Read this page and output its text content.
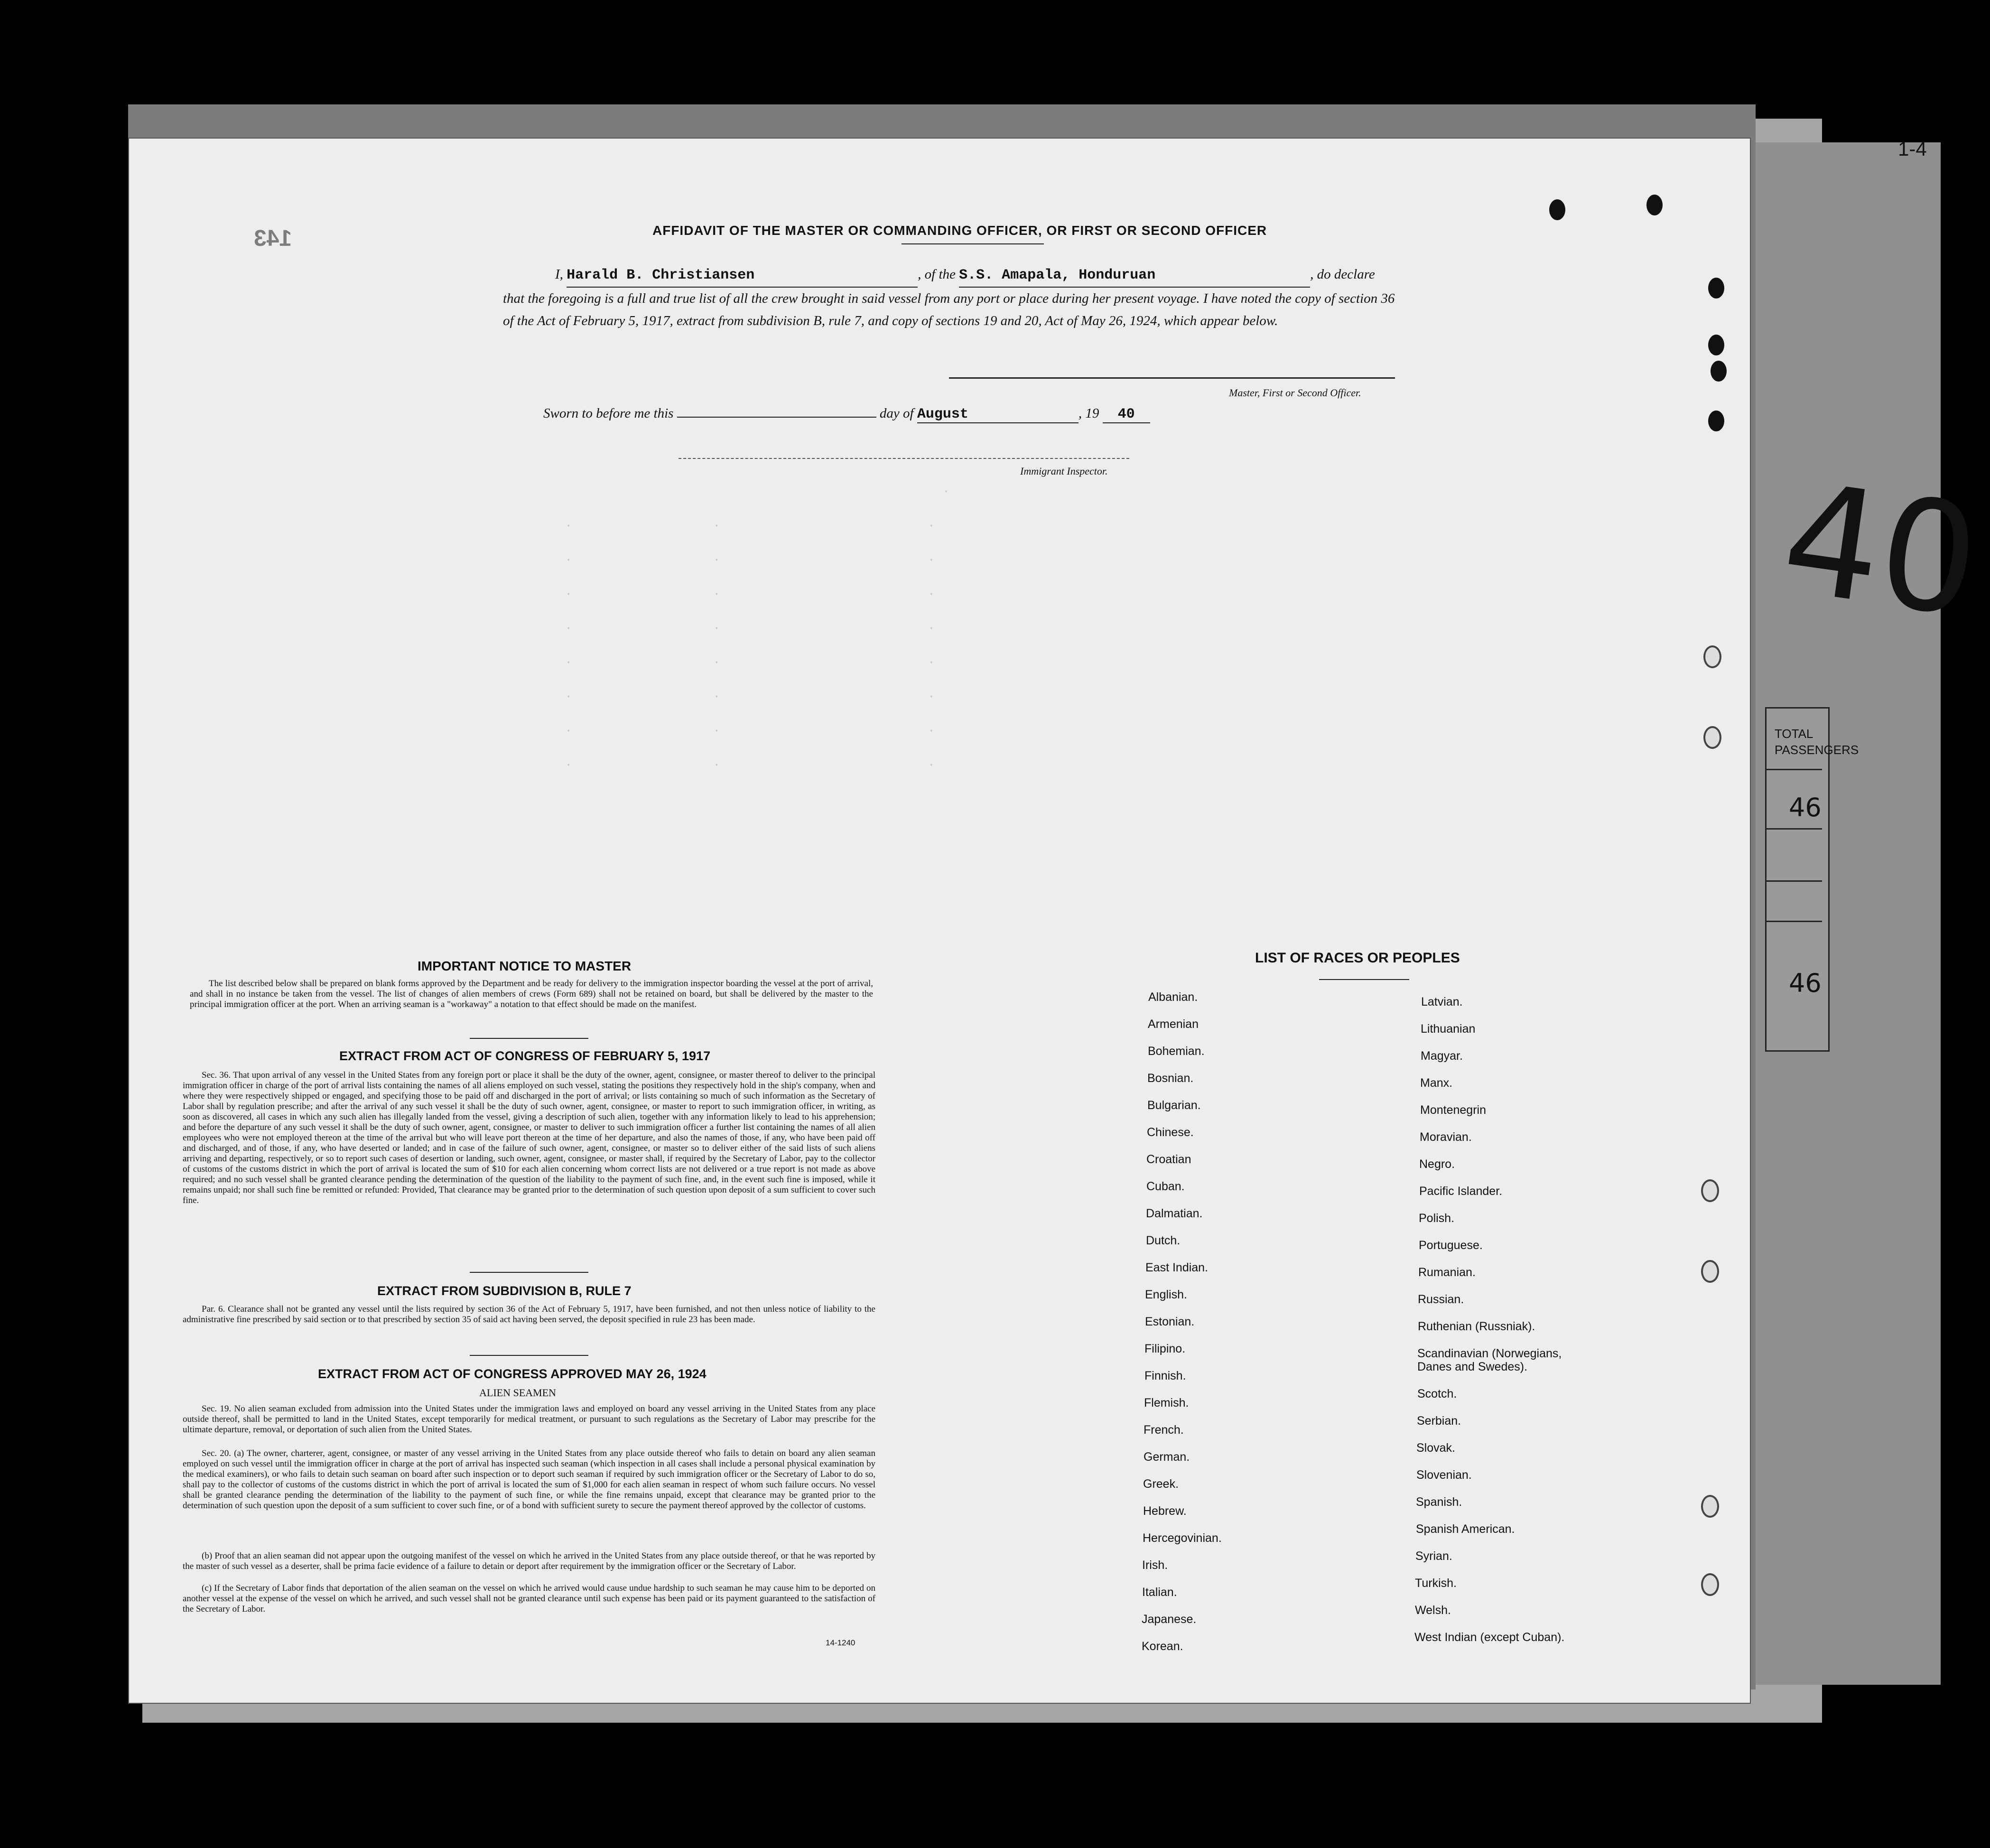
1-4
143
40
TOTAL
PASSENGERS
46
46
·
·                   ·                            ·
·                   ·                            ·
·                   ·                            ·
·                   ·                            ·
·                   ·                            ·
·                   ·                            ·
·                   ·                            ·
·                   ·                            ·
AFFIDAVIT OF THE MASTER OR COMMANDING OFFICER, OR FIRST OR SECOND OFFICER
I, Harald B. Christiansen	, of the S.S. Amapala, Honduruan	, do declare
that the foregoing is a full and true list of all the crew brought in said vessel from any port or place during her present voyage. I have noted the copy of section 36 of the Act of February 5, 1917, extract from subdivision B, rule 7, and copy of sections 19 and 20, Act of May 26, 1924, which appear below.
Master, First or Second Officer.
Sworn to before me this	day of August	, 19 40
Immigrant Inspector.
IMPORTANT NOTICE TO MASTER
The list described below shall be prepared on blank forms approved by the Department and be ready for delivery to the immigration inspector boarding the vessel at the port of arrival, and shall in no instance be taken from the vessel. The list of changes of alien members of crews (Form 689) shall not be retained on board, but shall be delivered by the master to the principal immigration officer at the port. When an arriving seaman is a "workaway" a notation to that effect should be made on the manifest.
EXTRACT FROM ACT OF CONGRESS OF FEBRUARY 5, 1917
Sec. 36. That upon arrival of any vessel in the United States from any foreign port or place it shall be the duty of the owner, agent, consignee, or master thereof to deliver to the principal immigration officer in charge of the port of arrival lists containing the names of all aliens employed on such vessel, stating the positions they respectively hold in the ship's company, when and where they were respectively shipped or engaged, and specifying those to be paid off and discharged in the port of arrival; or lists containing so much of such information as the Secretary of Labor shall by regulation prescribe; and after the arrival of any such vessel it shall be the duty of such owner, agent, consignee, or master to report to such immigration officer, in writing, as soon as discovered, all cases in which any such alien has illegally landed from the vessel, giving a description of such alien, together with any information likely to lead to his apprehension; and before the departure of any such vessel it shall be the duty of such owner, agent, consignee, or master to deliver to such immigration officer a further list containing the names of all alien employees who were not employed thereon at the time of the arrival but who will leave port thereon at the time of her departure, and also the names of those, if any, who have been paid off and discharged, and of those, if any, who have deserted or landed; and in case of the failure of such owner, agent, consignee, or master so to deliver either of the said lists of such aliens arriving and departing, respectively, or so to report such cases of desertion or landing, such owner, agent, consignee, or master shall, if required by the Secretary of Labor, pay to the collector of customs of the customs district in which the port of arrival is located the sum of $10 for each alien concerning whom correct lists are not delivered or a true report is not made as above required; and no such vessel shall be granted clearance pending the determination of the question of the liability to the payment of such fine, and, in the event such fine is imposed, while it remains unpaid; nor shall such fine be remitted or refunded: Provided, That clearance may be granted prior to the determination of such question upon deposit of a sum sufficient to cover such fine.
EXTRACT FROM SUBDIVISION B, RULE 7
Par. 6. Clearance shall not be granted any vessel until the lists required by section 36 of the Act of February 5, 1917, have been furnished, and not then unless notice of liability to the administrative fine prescribed by said section or to that prescribed by section 35 of said act having been served, the deposit specified in rule 23 has been made.
EXTRACT FROM ACT OF CONGRESS APPROVED MAY 26, 1924
ALIEN SEAMEN
Sec. 19. No alien seaman excluded from admission into the United States under the immigration laws and employed on board any vessel arriving in the United States from any place outside thereof, shall be permitted to land in the United States, except temporarily for medical treatment, or pursuant to such regulations as the Secretary of Labor may prescribe for the ultimate departure, removal, or deportation of such alien from the United States.
Sec. 20. (a) The owner, charterer, agent, consignee, or master of any vessel arriving in the United States from any place outside thereof who fails to detain on board any alien seaman employed on such vessel until the immigration officer in charge at the port of arrival has inspected such seaman (which inspection in all cases shall include a personal physical examination by the medical examiners), or who fails to detain such seaman on board after such inspection or to deport such seaman if required by such immigration officer or the Secretary of Labor to do so, shall pay to the collector of customs of the customs district in which the port of arrival is located the sum of $1,000 for each alien seaman in respect of whom such failure occurs. No vessel shall be granted clearance pending the determination of the liability to the payment of such fine, or while the fine remains unpaid, except that clearance may be granted prior to the determination of such question upon the deposit of a sum sufficient to cover such fine, or of a bond with sufficient surety to secure the payment thereof approved by the collector of customs.
(b) Proof that an alien seaman did not appear upon the outgoing manifest of the vessel on which he arrived in the United States from any place outside thereof, or that he was reported by the master of such vessel as a deserter, shall be prima facie evidence of a failure to detain or deport after requirement by the immigration officer or the Secretary of Labor.
(c) If the Secretary of Labor finds that deportation of the alien seaman on the vessel on which he arrived would cause undue hardship to such seaman he may cause him to be deported on another vessel at the expense of the vessel on which he arrived, and such vessel shall not be granted clearance until such expense has been paid or its payment guaranteed to the satisfaction of the Secretary of Labor.
14-1240
LIST OF RACES OR PEOPLES
Albanian.
Armenian
Bohemian.
Bosnian.
Bulgarian.
Chinese.
Croatian
Cuban.
Dalmatian.
Dutch.
East Indian.
English.
Estonian.
Filipino.
Finnish.
Flemish.
French.
German.
Greek.
Hebrew.
Hercegovinian.
Irish.
Italian.
Japanese.
Korean.
Latvian.
Lithuanian
Magyar.
Manx.
Montenegrin
Moravian.
Negro.
Pacific Islander.
Polish.
Portuguese.
Rumanian.
Russian.
Ruthenian (Russniak).
Scandinavian (Norwegians, Danes and Swedes).
Scotch.
Serbian.
Slovak.
Slovenian.
Spanish.
Spanish American.
Syrian.
Turkish.
Welsh.
West Indian (except Cuban).
